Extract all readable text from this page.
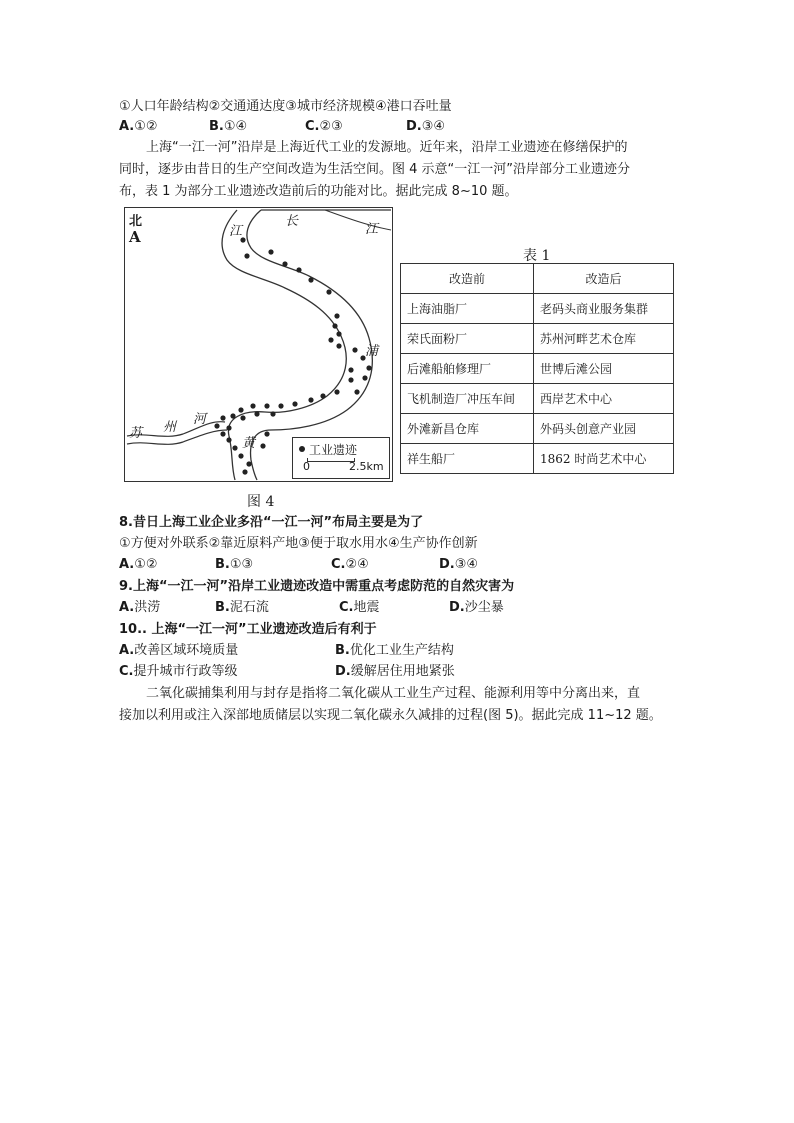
①人口年龄结构②交通通达度③城市经济规模④港口吞吐量
A.①②	B.①④	C.②③	D.③④
上海“一江一河”沿岸是上海近代工业的发源地。近年来，沿岸工业遗迹在修缮保护的
同时，逐步由昔日的生产空间改造为生活空间。图 4 示意“一江一河”沿岸部分工业遗迹分
布，表 1 为部分工业遗迹改造前后的功能对比。据此完成 8~10 题。
北
A	江
长
江
浦
黄
苏 州
河
工业遗迹
0	2.5km
图 4
表 1
改造前	改造后
上海油脂厂	老码头商业服务集群
荣氏面粉厂	苏州河畔艺术仓库
后滩船舶修理厂	世博后滩公园
飞机制造厂冲压车间	西岸艺术中心
外滩新昌仓库	外码头创意产业园
祥生船厂	1862 时尚艺术中心
8.昔日上海工业企业多沿“一江一河”布局主要是为了
①方便对外联系②靠近原料产地③便于取水用水④生产协作创新
A.①②	B.①③	C.②④	D.③④
9.上海“一江一河”沿岸工业遗迹改造中需重点考虑防范的自然灾害为
A.洪涝	B.泥石流	C.地震	D.沙尘暴
10.. 上海“一江一河”工业遗迹改造后有利于
A.改善区域环境质量	B.优化工业生产结构
C.提升城市行政等级	D.缓解居住用地紧张
二氧化碳捕集利用与封存是指将二氧化碳从工业生产过程、能源利用等中分离出来，直
接加以利用或注入深部地质储层以实现二氧化碳永久减排的过程(图 5)。据此完成 11~12 题。
